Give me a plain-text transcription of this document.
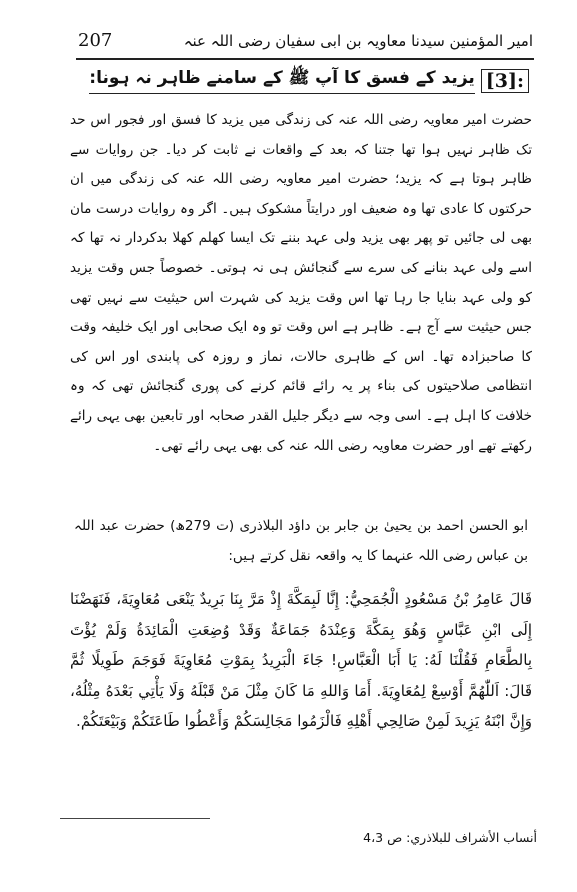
امیر المؤمنین سیدنا معاویہ بن ابی سفیان رضی اللہ عنہ
207
[3]:
یزید کے فسق کا آپ ﷺ کے سامنے ظاہر نہ ہونا:

حضرت امیر معاویہ رضی اللہ عنہ کی زندگی میں یزید کا فسق اور فجور اس حد تک ظاہر نہیں ہوا تھا جتنا کہ بعد کے واقعات نے ثابت کر دیا۔ جن روایات سے ظاہر ہوتا ہے کہ یزید؛ حضرت امیر معاویہ رضی اللہ عنہ کی زندگی میں ان حرکتوں کا عادی تھا وہ ضعیف اور درایتاً مشکوک ہیں۔ اگر وہ روایات درست مان بھی لی جائیں تو پھر بھی یزید ولی عہد بننے تک ایسا کھلم کھلا بدکردار نہ تھا کہ اسے ولی عہد بنانے کی سرے سے گنجائش ہی نہ ہوتی۔ خصوصاً جس وقت یزید کو ولی عہد بنایا جا رہا تھا اس وقت یزید کی شہرت اس حیثیت سے نہیں تھی جس حیثیت سے آج ہے۔ ظاہر ہے اس وقت تو وہ ایک صحابی اور ایک خلیفہ وقت کا صاحبزادہ تھا۔ اس کے ظاہری حالات، نماز و روزہ کی پابندی اور اس کی انتظامی صلاحیتوں کی بناء پر یہ رائے قائم کرنے کی پوری گنجائش تھی کہ وہ خلافت کا اہل ہے۔ اسی وجہ سے دیگر جلیل القدر صحابہ اور تابعین بھی یہی رائے رکھتے تھے اور حضرت معاویہ رضی اللہ عنہ کی بھی یہی رائے تھی۔

ابو الحسن احمد بن یحییٰ بن جابر بن داؤد البلاذری (ت 279ھ) حضرت عبد اللہ بن عباس رضی اللہ عنہما کا یہ واقعہ نقل کرتے ہیں:

قَالَ عَامِرُ بْنُ مَسْعُودٍ الْجُمَحِيُّ: إِنَّا لَبِمَكَّةَ إِذْ مَرَّ بِنَا بَرِيدٌ يَنْعَى مُعَاوِيَةَ، فَنَهَضْنَا إِلَى ابْنِ عَبَّاسٍ وَهُوَ بِمَكَّةَ وَعِنْدَهُ جَمَاعَةٌ وَقَدْ وُضِعَتِ الْمَائِدَةُ وَلَمْ يُؤْتَ بِالطَّعَامِ فَقُلْنَا لَهُ: يَا أَبَا الْعَبَّاسِ! جَاءَ الْبَرِيدُ بِمَوْتِ مُعَاوِيَةَ فَوَجَمَ طَوِيلًا ثُمَّ قَالَ: اَللّٰهُمَّ أَوْسِعْ لِمُعَاوِيَةَ. أَمَا وَاللهِ مَا كَانَ مِثْلَ مَنْ قَبْلَهُ وَلَا يَأْتِي بَعْدَهُ مِثْلُهُ، وَإِنَّ ابْنَهُ يَزِيدَ لَمِنْ صَالِحِي أَهْلِهِ فَالْزَمُوا مَجَالِسَكُمْ وَأَعْطُوا طَاعَتَكُمْ وَبَيْعَتَكُمْ.

أنساب الأشراف للبلاذري: ص 4،3
